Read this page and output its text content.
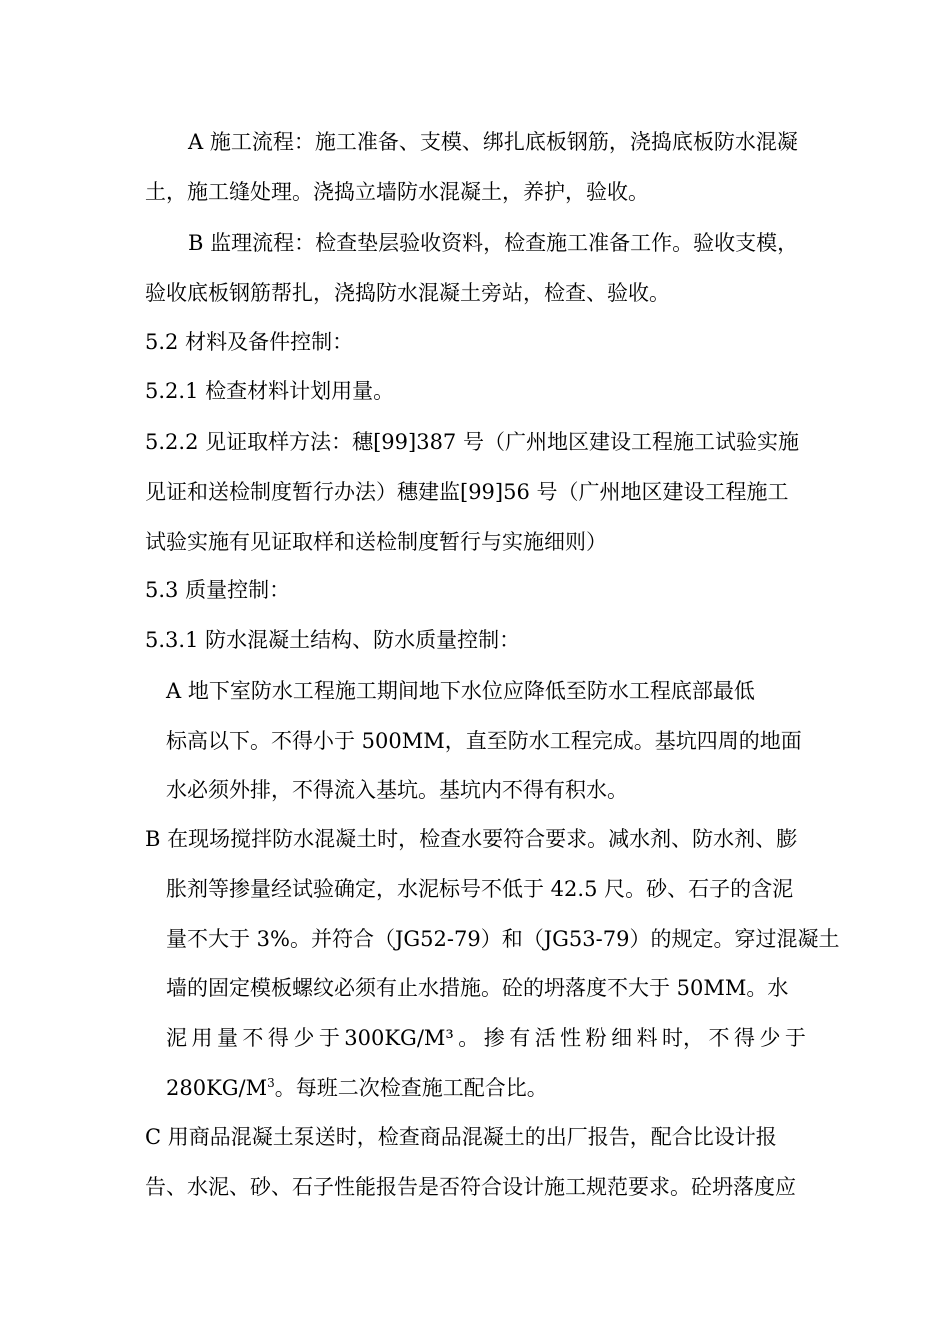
A 施工流程：施工准备、支模、绑扎底板钢筋，浇捣底板防水混凝
土，施工缝处理。浇捣立墙防水混凝土，养护，验收。
B 监理流程：检查垫层验收资料，检查施工准备工作。验收支模，
验收底板钢筋帮扎，浇捣防水混凝土旁站，检查、验收。
5.2 材料及备件控制：
5.2.1 检查材料计划用量。
5.2.2 见证取样方法：穗[99]387 号（广州地区建设工程施工试验实施
见证和送检制度暂行办法）穗建监[99]56 号（广州地区建设工程施工
试验实施有见证取样和送检制度暂行与实施细则）
5.3 质量控制：
5.3.1 防水混凝土结构、防水质量控制：
A 地下室防水工程施工期间地下水位应降低至防水工程底部最低
标高以下。不得小于 500MM，直至防水工程完成。基坑四周的地面
水必须外排，不得流入基坑。基坑内不得有积水。
B 在现场搅拌防水混凝土时，检查水要符合要求。减水剂、防水剂、膨
胀剂等掺量经试验确定，水泥标号不低于 42.5 尺。砂、石子的含泥
量不大于 3%。并符合（JG52-79）和（JG53-79）的规定。穿过混凝土
墙的固定模板螺纹必须有止水措施。砼的坍落度不大于 50MM。水
泥 用 量 不 得 少 于 300KG/M³ 。 掺 有 活 性 粉 细 料 时， 不 得 少 于
$280KG/M^3$。每班二次检查施工配合比。
C 用商品混凝土泵送时，检查商品混凝土的出厂报告，配合比设计报
告、水泥、砂、石子性能报告是否符合设计施工规范要求。砼坍落度应
